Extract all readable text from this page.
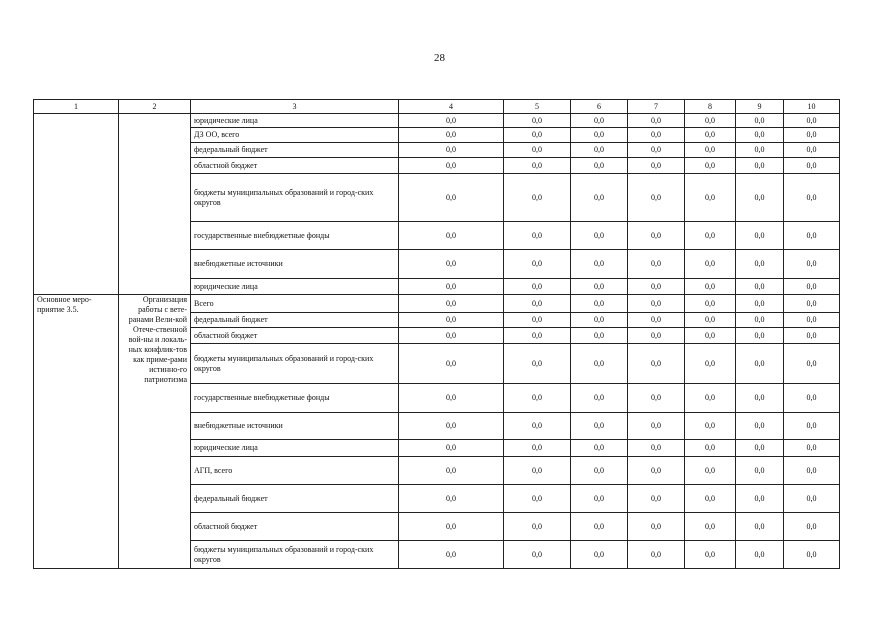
28
1	2	3	4	5	6	7	8	9	10
		юридические лица	0,0	0,0	0,0	0,0	0,0	0,0	0,0
		ДЗ ОО, всего	0,0	0,0	0,0	0,0	0,0	0,0	0,0
		федеральный бюджет	0,0	0,0	0,0	0,0	0,0	0,0	0,0
		областной бюджет	0,0	0,0	0,0	0,0	0,0	0,0	0,0
		бюджеты муниципальных образований и город-ских округов	0,0	0,0	0,0	0,0	0,0	0,0	0,0
		государственные внебюджетные фонды	0,0	0,0	0,0	0,0	0,0	0,0	0,0
		внебюджетные источники	0,0	0,0	0,0	0,0	0,0	0,0	0,0
		юридические лица	0,0	0,0	0,0	0,0	0,0	0,0	0,0
Основное меро-приятие 3.5.	Организация работы с вете-ранами Вели-кой Отече-ственной вой-ны и локаль-ных конфлик-тов как приме-рами истинно-го патриотизма	Всего	0,0	0,0	0,0	0,0	0,0	0,0	0,0
		федеральный бюджет	0,0	0,0	0,0	0,0	0,0	0,0	0,0
		областной бюджет	0,0	0,0	0,0	0,0	0,0	0,0	0,0
		бюджеты муниципальных образований и город-ских округов	0,0	0,0	0,0	0,0	0,0	0,0	0,0
		государственные внебюджетные фонды	0,0	0,0	0,0	0,0	0,0	0,0	0,0
		внебюджетные источники	0,0	0,0	0,0	0,0	0,0	0,0	0,0
		юридические лица	0,0	0,0	0,0	0,0	0,0	0,0	0,0
		АГП, всего	0,0	0,0	0,0	0,0	0,0	0,0	0,0
		федеральный бюджет	0,0	0,0	0,0	0,0	0,0	0,0	0,0
		областной бюджет	0,0	0,0	0,0	0,0	0,0	0,0	0,0
		бюджеты муниципальных образований и город-ских округов	0,0	0,0	0,0	0,0	0,0	0,0	0,0
